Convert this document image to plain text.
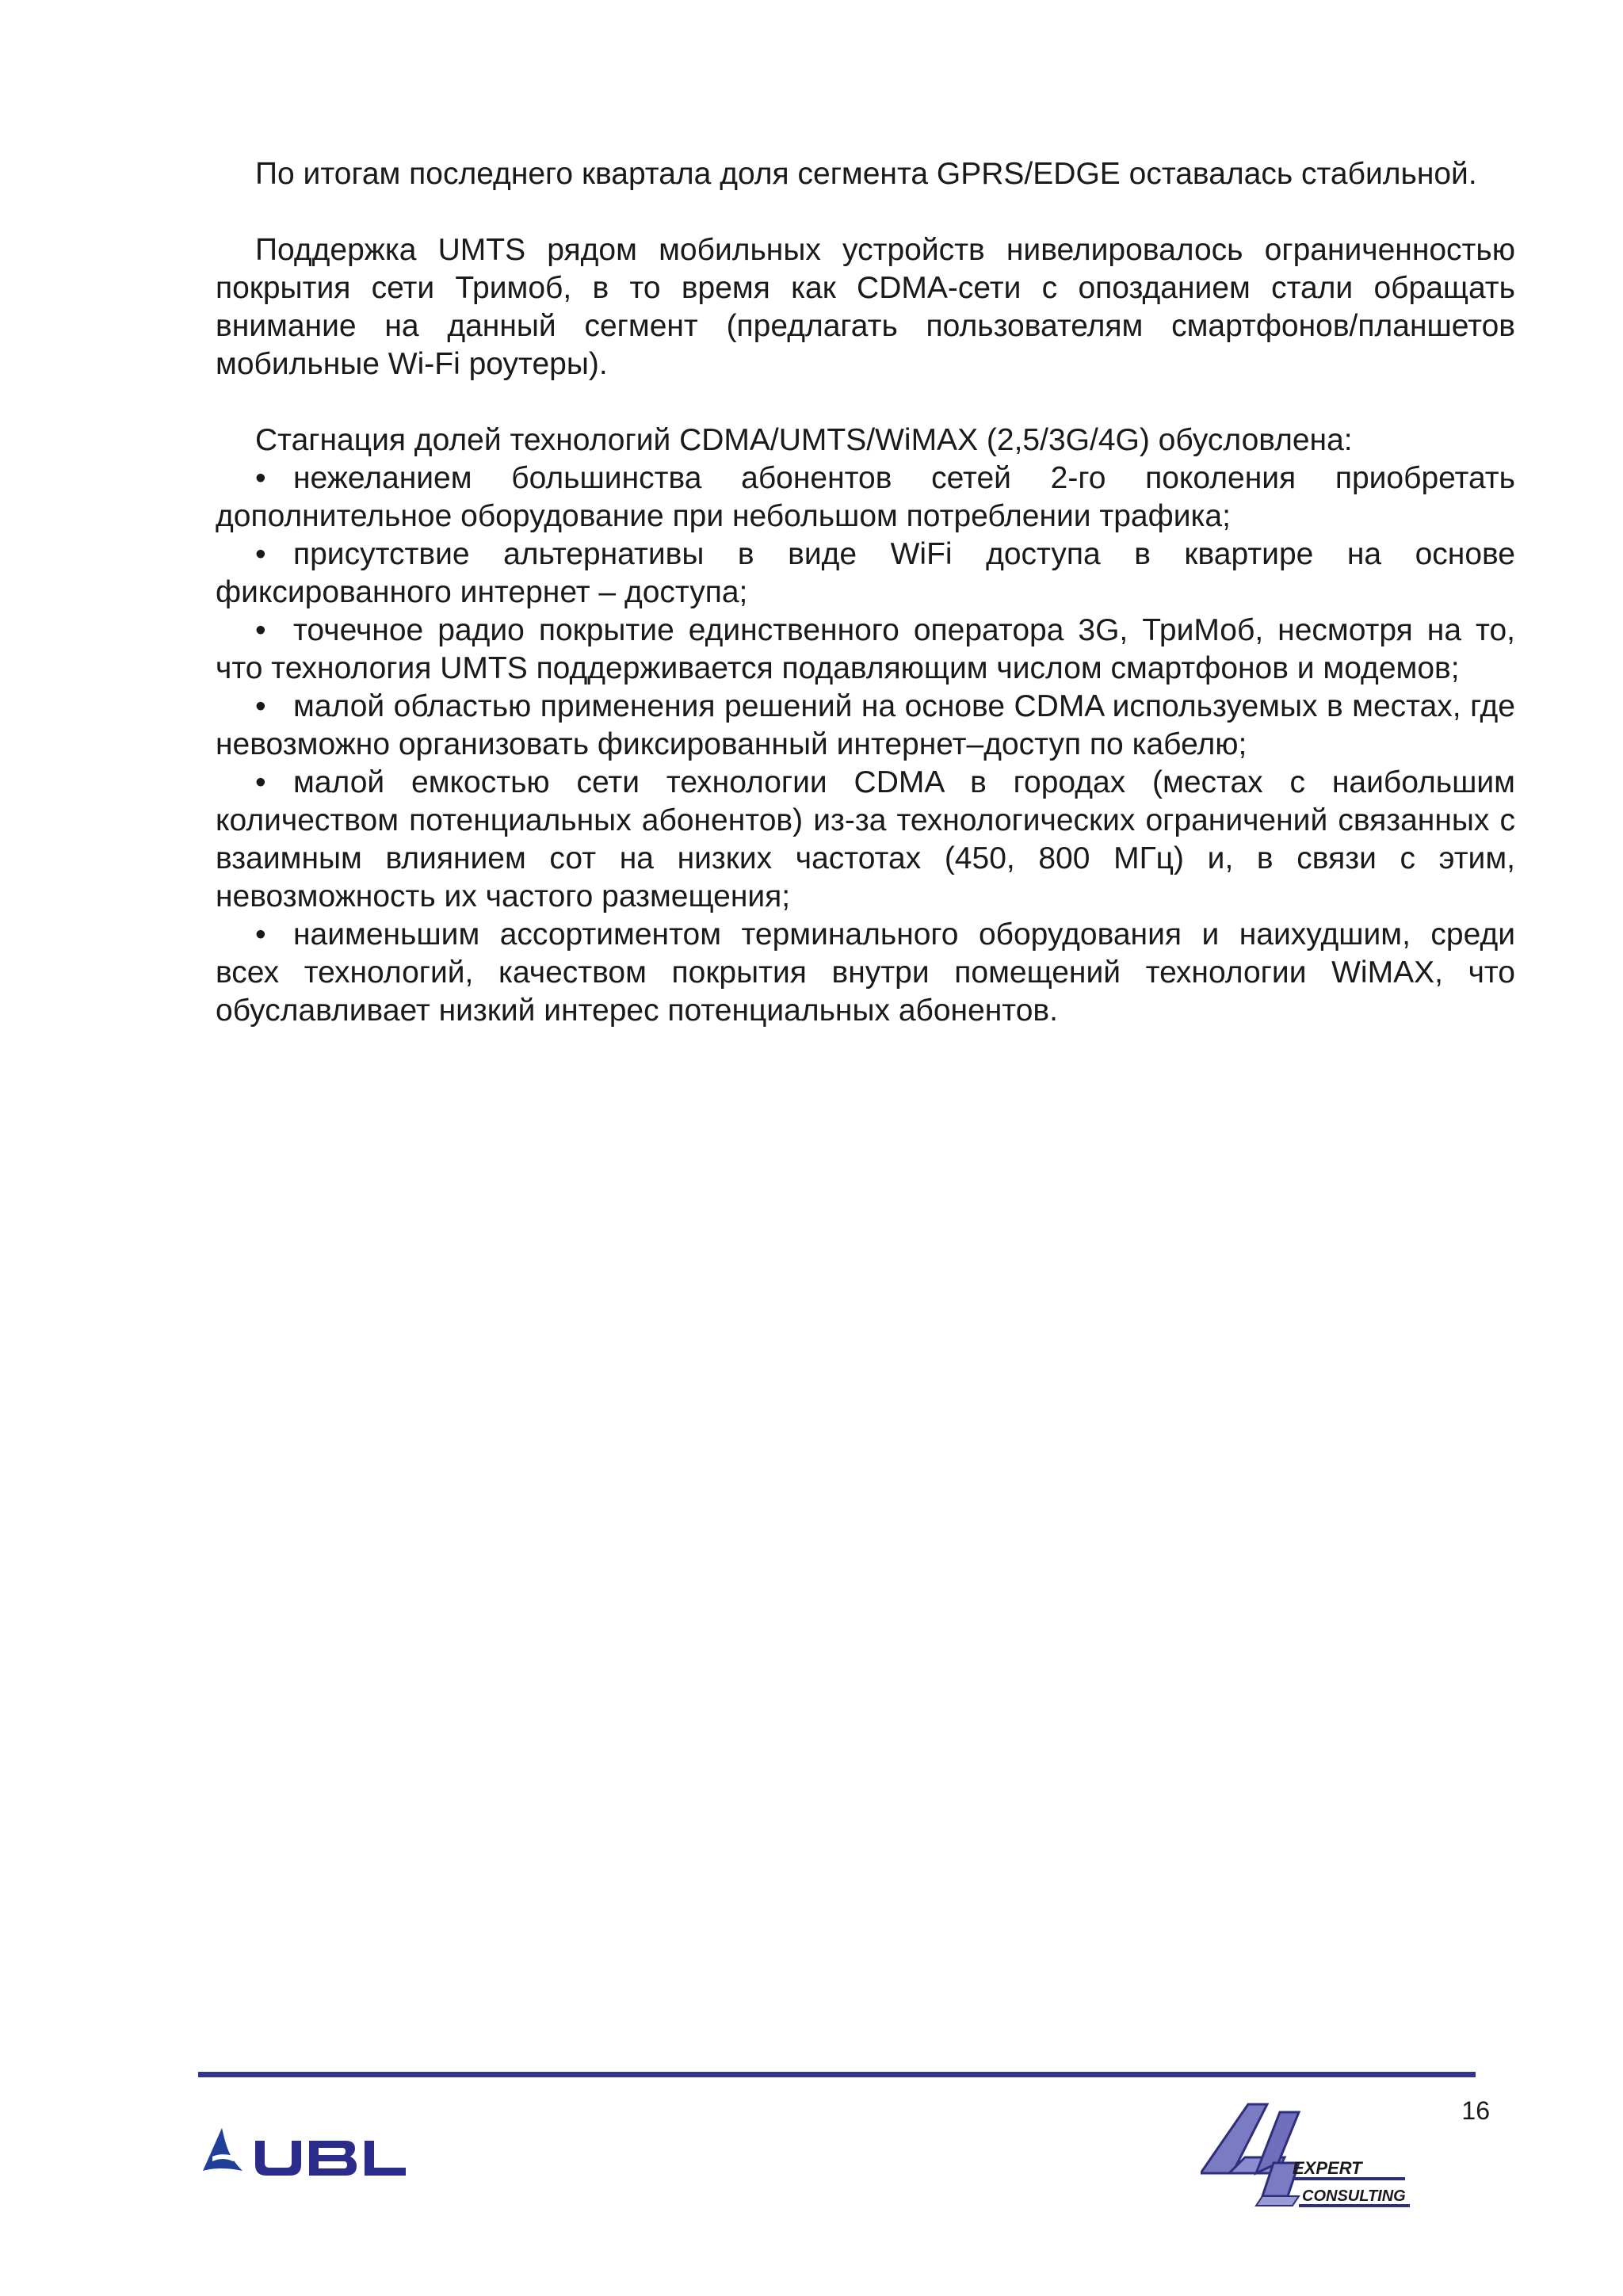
По итогам последнего квартала доля сегмента GPRS/EDGE оставалась стабильной.

Поддержка UMTS рядом мобильных устройств нивелировалось ограниченностью покрытия сети Тримоб, в то время как CDMA-сети с опозданием стали обращать внимание на данный сегмент (предлагать пользователям смартфонов/планшетов мобильные Wi-Fi роутеры).

Стагнация долей технологий CDMA/UMTS/WiMAX (2,5/3G/4G) обусловлена:

• нежеланием большинства абонентов сетей 2-го поколения приобретать дополнительное оборудование при небольшом потреблении трафика;
• присутствие альтернативы в виде WiFi доступа в квартире на основе фиксированного интернет – доступа;
• точечное радио покрытие единственного оператора 3G, ТриМоб, несмотря на то, что технология UMTS поддерживается подавляющим числом смартфонов и модемов;
• малой областью применения решений на основе CDMA используемых в местах, где невозможно организовать фиксированный интернет–доступ по кабелю;
• малой емкостью сети технологии CDMA в городах (местах с наибольшим количеством потенциальных абонентов) из-за технологических ограничений связанных с взаимным влиянием сот на низких частотах (450, 800 МГц) и, в связи с этим, невозможность их частого размещения;
• наименьшим ассортиментом терминального оборудования и наихудшим, среди всех технологий, качеством покрытия внутри помещений технологии WiMAX, что обуславливает низкий интерес потенциальных абонентов.
16
EXPERT
CONSULTING
